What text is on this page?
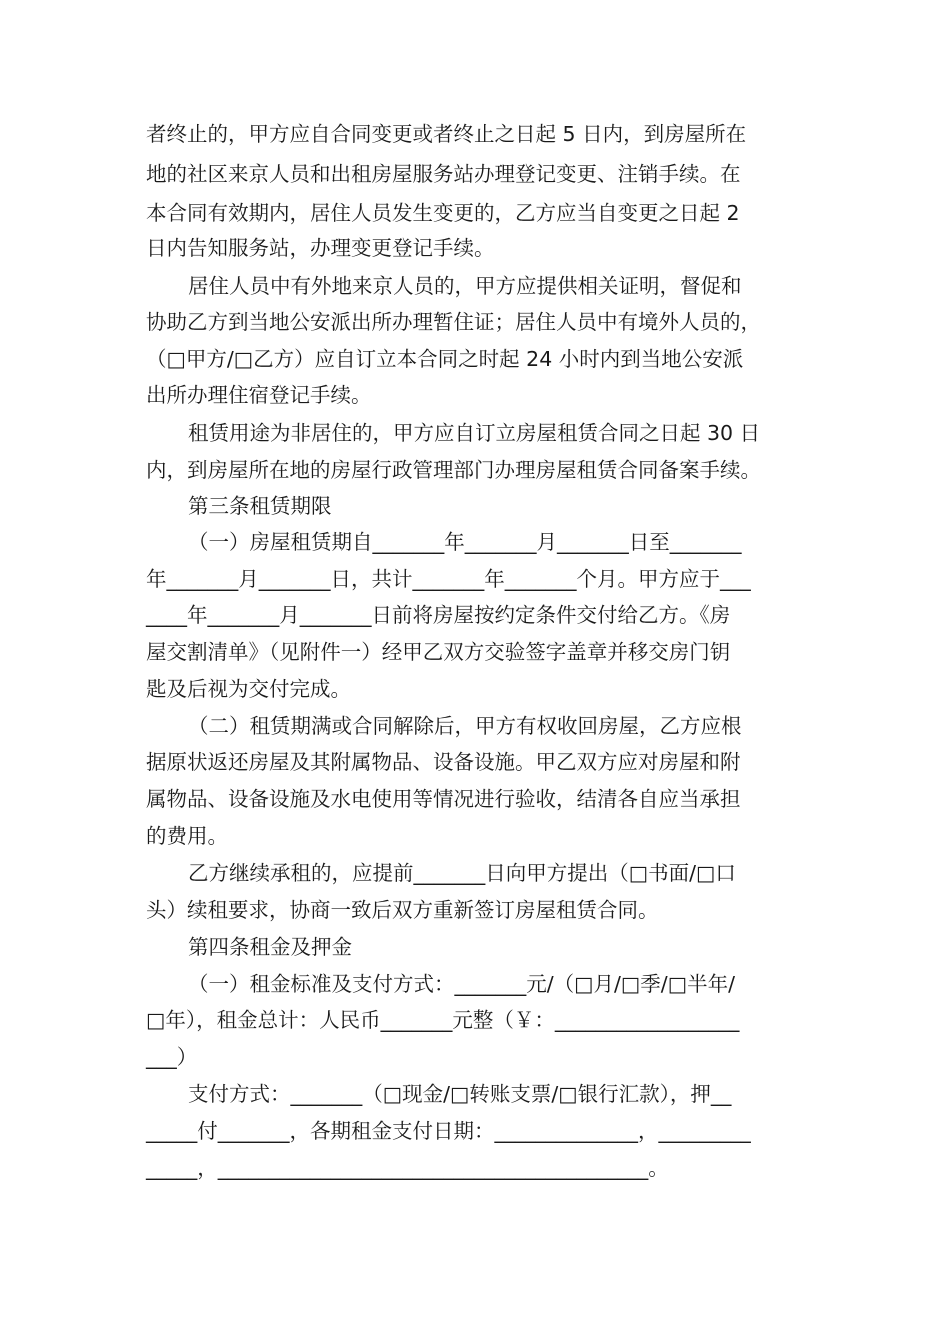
者终止的，甲方应自合同变更或者终止之日起 5 日内，到房屋所在
地的社区来京人员和出租房屋服务站办理登记变更、注销手续。在
本合同有效期内，居住人员发生变更的，乙方应当自变更之日起 2
日内告知服务站，办理变更登记手续。
居住人员中有外地来京人员的，甲方应提供相关证明，督促和
协助乙方到当地公安派出所办理暂住证；居住人员中有境外人员的，
（□甲方/□乙方）应自订立本合同之时起 24 小时内到当地公安派
出所办理住宿登记手续。
租赁用途为非居住的，甲方应自订立房屋租赁合同之日起 30 日
内，到房屋所在地的房屋行政管理部门办理房屋租赁合同备案手续。
第三条租赁期限
（一）房屋租赁期自_______年_______月_______日至_______
年_______月_______日，共计_______年_______个月。甲方应于___
____年_______月_______日前将房屋按约定条件交付给乙方。《房
屋交割清单》（见附件一）经甲乙双方交验签字盖章并移交房门钥
匙及后视为交付完成。
（二）租赁期满或合同解除后，甲方有权收回房屋，乙方应根
据原状返还房屋及其附属物品、设备设施。甲乙双方应对房屋和附
属物品、设备设施及水电使用等情况进行验收，结清各自应当承担
的费用。
乙方继续承租的，应提前_______日向甲方提出（□书面/□口
头）续租要求，协商一致后双方重新签订房屋租赁合同。
第四条租金及押金
（一）租金标准及支付方式：_______元/（□月/□季/□半年/
□年），租金总计：人民币_______元整（￥：__________________
___）
支付方式：_______（□现金/□转账支票/□银行汇款），押__
_____付_______，各期租金支付日期：______________，_________
_____，__________________________________________。
